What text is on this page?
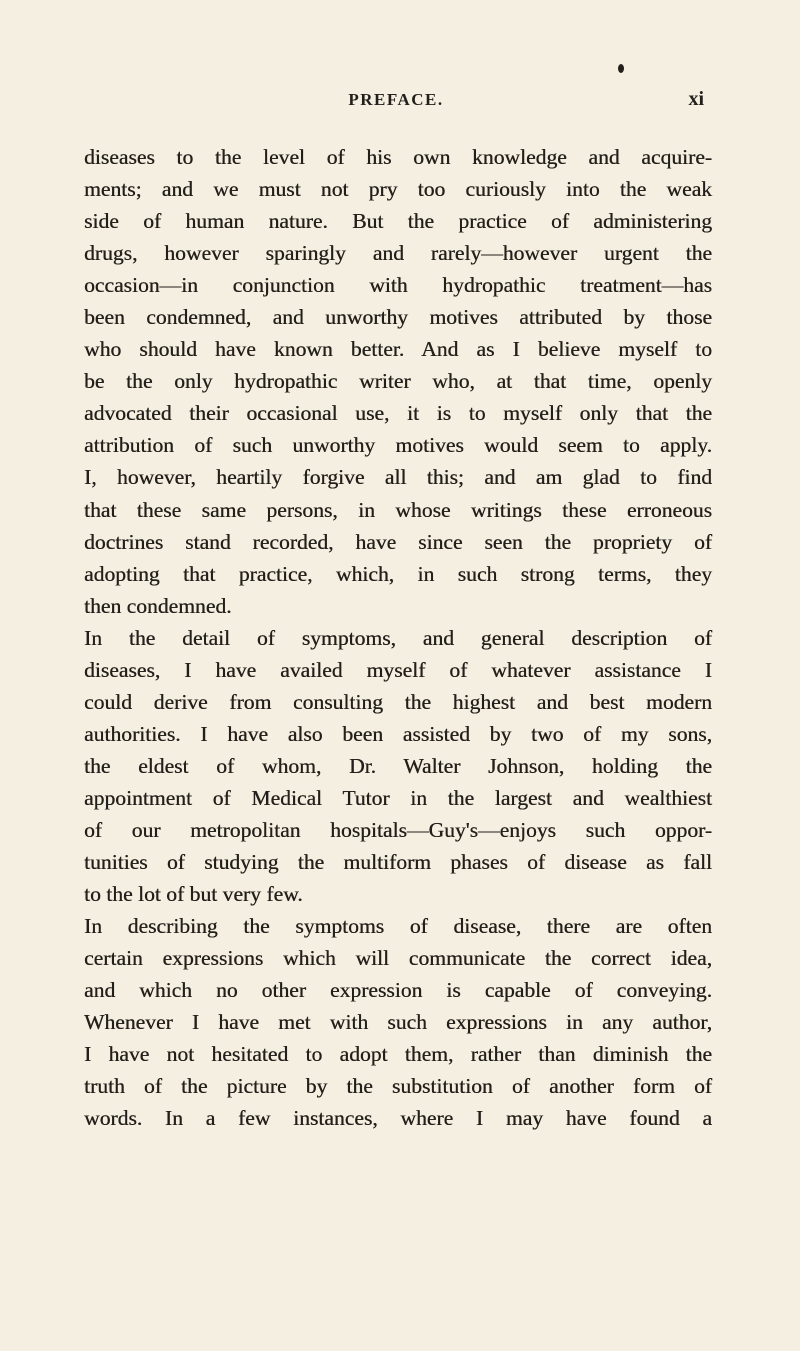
PREFACE.	xi
diseases to the level of his own knowledge and acquire-
ments; and we must not pry too curiously into the weak
side of human nature. But the practice of administering
drugs, however sparingly and rarely—however urgent the
occasion—in conjunction with hydropathic treatment—has
been condemned, and unworthy motives attributed by those
who should have known better. And as I believe myself to
be the only hydropathic writer who, at that time, openly
advocated their occasional use, it is to myself only that the
attribution of such unworthy motives would seem to apply.
I, however, heartily forgive all this; and am glad to find
that these same persons, in whose writings these erroneous
doctrines stand recorded, have since seen the propriety of
adopting that practice, which, in such strong terms, they
then condemned.
In the detail of symptoms, and general description of
diseases, I have availed myself of whatever assistance I
could derive from consulting the highest and best modern
authorities. I have also been assisted by two of my sons,
the eldest of whom, Dr. Walter Johnson, holding the
appointment of Medical Tutor in the largest and wealthiest
of our metropolitan hospitals—Guy's—enjoys such oppor-
tunities of studying the multiform phases of disease as fall
to the lot of but very few.
In describing the symptoms of disease, there are often
certain expressions which will communicate the correct idea,
and which no other expression is capable of conveying.
Whenever I have met with such expressions in any author,
I have not hesitated to adopt them, rather than diminish the
truth of the picture by the substitution of another form of
words. In a few instances, where I may have found a
